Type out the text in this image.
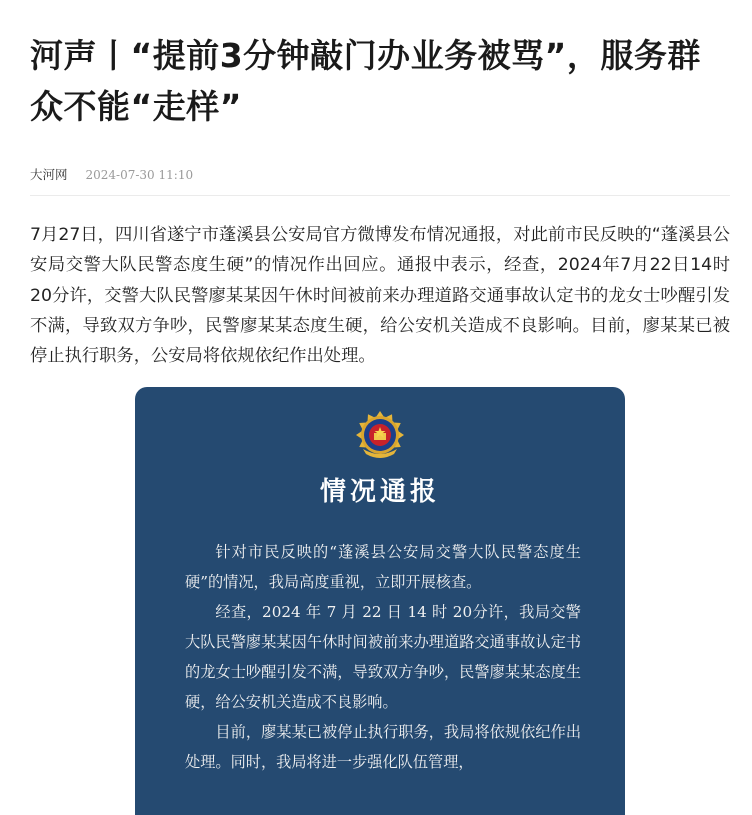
河声丨“提前3分钟敲门办业务被骂”，服务群众不能“走样”
大河网 2024-07-30 11:10

7月27日，四川省遂宁市蓬溪县公安局官方微博发布情况通报，对此前市民反映的“蓬溪县公安局交警大队民警态度生硬”的情况作出回应。通报中表示，经查，2024年7月22日14时20分许，交警大队民警廖某某因午休时间被前来办理道路交通事故认定书的龙女士吵醒引发不满，导致双方争吵，民警廖某某态度生硬，给公安机关造成不良影响。目前，廖某某已被停止执行职务，公安局将依规依纪作出处理。

情况通报

针对市民反映的“蓬溪县公安局交警大队民警态度生硬”的情况，我局高度重视，立即开展核查。

经查，2024 年 7 月 22 日 14 时 20分许，我局交警大队民警廖某某因午休时间被前来办理道路交通事故认定书的龙女士吵醒引发不满，导致双方争吵，民警廖某某态度生硬，给公安机关造成不良影响。

目前，廖某某已被停止执行职务，我局将依规依纪作出处理。同时，我局将进一步强化队伍管理，
